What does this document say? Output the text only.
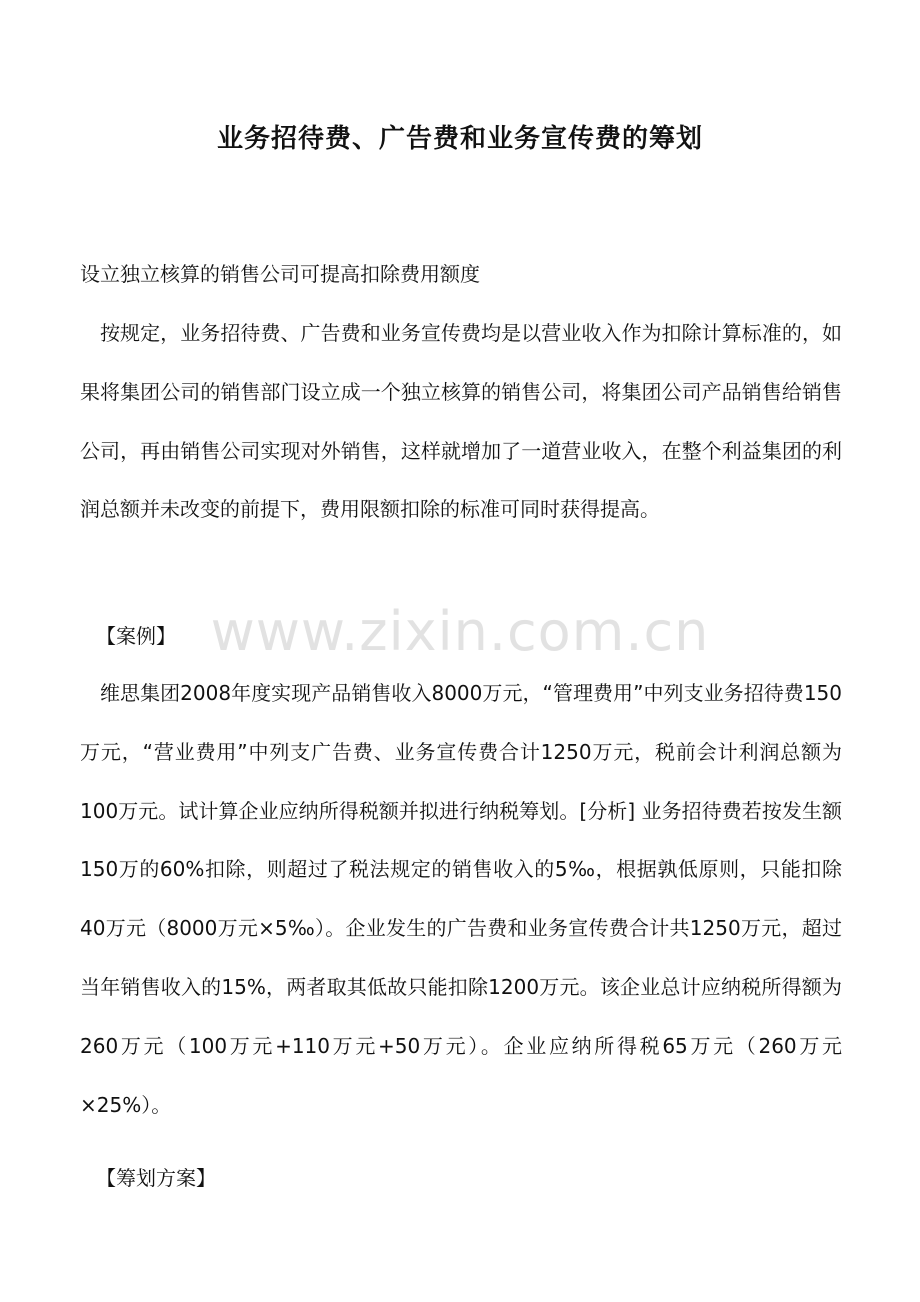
业务招待费、广告费和业务宣传费的筹划

设立独立核算的销售公司可提高扣除费用额度

按规定，业务招待费、广告费和业务宣传费均是以营业收入作为扣除计算标准的，如果将集团公司的销售部门设立成一个独立核算的销售公司，将集团公司产品销售给销售公司，再由销售公司实现对外销售，这样就增加了一道营业收入，在整个利益集团的利润总额并未改变的前提下，费用限额扣除的标准可同时获得提高。

【案例】 www.zixin.com.cn

维思集团2008年度实现产品销售收入8000万元，“管理费用”中列支业务招待费150万元，“营业费用”中列支广告费、业务宣传费合计1250万元，税前会计利润总额为100万元。试计算企业应纳所得税额并拟进行纳税筹划。[分析] 业务招待费若按发生额150万的60%扣除，则超过了税法规定的销售收入的5‰，根据孰低原则，只能扣除40万元（8000万元×5‰）。企业发生的广告费和业务宣传费合计共1250万元，超过当年销售收入的15%，两者取其低故只能扣除1200万元。该企业总计应纳税所得额为260万元（100万元+110万元+50万元）。企业应纳所得税65万元（260万元×25%）。

【筹划方案】
